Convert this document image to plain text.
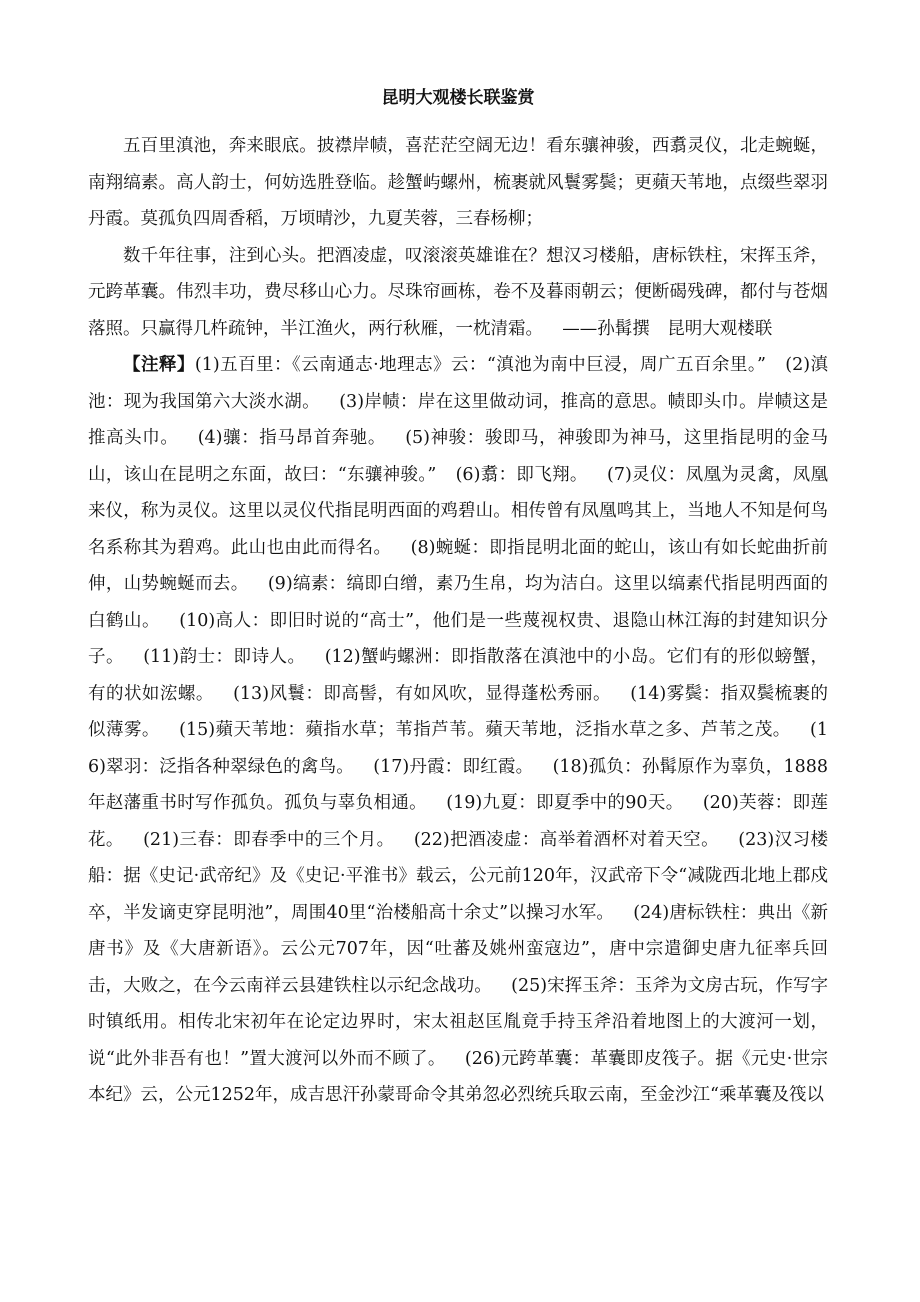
昆明大观楼长联鉴赏

五百里滇池，奔来眼底。披襟岸帻，喜茫茫空阔无边！看东骧神骏，西翥灵仪，北走蜿蜒，南翔缟素。高人韵士，何妨选胜登临。趁蟹屿螺州，梳裹就风鬟雾鬓；更蘋天苇地，点缀些翠羽丹霞。莫孤负四周香稻，万顷晴沙，九夏芙蓉，三春杨柳；

数千年往事，注到心头。把酒凌虚，叹滚滚英雄谁在？想汉习楼船，唐标铁柱，宋挥玉斧，元跨革囊。伟烈丰功，费尽移山心力。尽珠帘画栋，卷不及暮雨朝云；便断碣残碑，都付与苍烟落照。只赢得几杵疏钟，半江渔火，两行秋雁，一枕清霜。 ——孙髯撰　昆明大观楼联

【注释】(1)五百里：《云南通志·地理志》云：“滇池为南中巨浸，周广五百余里。” (2)滇池：现为我国第六大淡水湖。 (3)岸帻：岸在这里做动词，推高的意思。帻即头巾。岸帻这是推高头巾。 (4)骧：指马昂首奔驰。 (5)神骏：骏即马，神骏即为神马，这里指昆明的金马山，该山在昆明之东面，故曰：“东骧神骏。” (6)翥：即飞翔。 (7)灵仪：凤凰为灵禽，凤凰来仪，称为灵仪。这里以灵仪代指昆明西面的鸡碧山。相传曾有凤凰鸣其上，当地人不知是何鸟名系称其为碧鸡。此山也由此而得名。 (8)蜿蜒：即指昆明北面的蛇山，该山有如长蛇曲折前伸，山势蜿蜒而去。 (9)缟素：缟即白缯，素乃生帛，均为洁白。这里以缟素代指昆明西面的白鹤山。 (10)高人：即旧时说的“高士”，他们是一些蔑视权贵、退隐山林江海的封建知识分子。 (11)韵士：即诗人。 (12)蟹屿螺洲：即指散落在滇池中的小岛。它们有的形似螃蟹，有的状如浤螺。 (13)风鬟：即高髻，有如风吹，显得蓬松秀丽。 (14)雾鬓：指双鬓梳裹的似薄雾。 (15)蘋天苇地：蘋指水草；苇指芦苇。蘋天苇地，泛指水草之多、芦苇之茂。 (16)翠羽：泛指各种翠绿色的禽鸟。 (17)丹霞：即红霞。 (18)孤负：孙髯原作为辜负，1888年赵藩重书时写作孤负。孤负与辜负相通。 (19)九夏：即夏季中的90天。 (20)芙蓉：即莲花。 (21)三春：即春季中的三个月。 (22)把酒凌虚：高举着酒杯对着天空。 (23)汉习楼船：据《史记·武帝纪》及《史记·平淮书》载云，公元前120年，汉武帝下令“减陇西北地上郡戍卒，半发谪吏穿昆明池”，周围40里“治楼船高十余丈”以操习水军。 (24)唐标铁柱：典出《新唐书》及《大唐新语》。云公元707年，因“吐蕃及姚州蛮寇边”，唐中宗遣御史唐九征率兵回击，大败之，在今云南祥云县建铁柱以示纪念战功。 (25)宋挥玉斧：玉斧为文房古玩，作写字时镇纸用。相传北宋初年在论定边界时，宋太祖赵匡胤竟手持玉斧沿着地图上的大渡河一划，说“此外非吾有也！”置大渡河以外而不顾了。 (26)元跨革囊：革囊即皮筏子。据《元史·世宗本纪》云，公元1252年，成吉思汗孙蒙哥命令其弟忽必烈统兵取云南，至金沙江“乘革囊及筏以
